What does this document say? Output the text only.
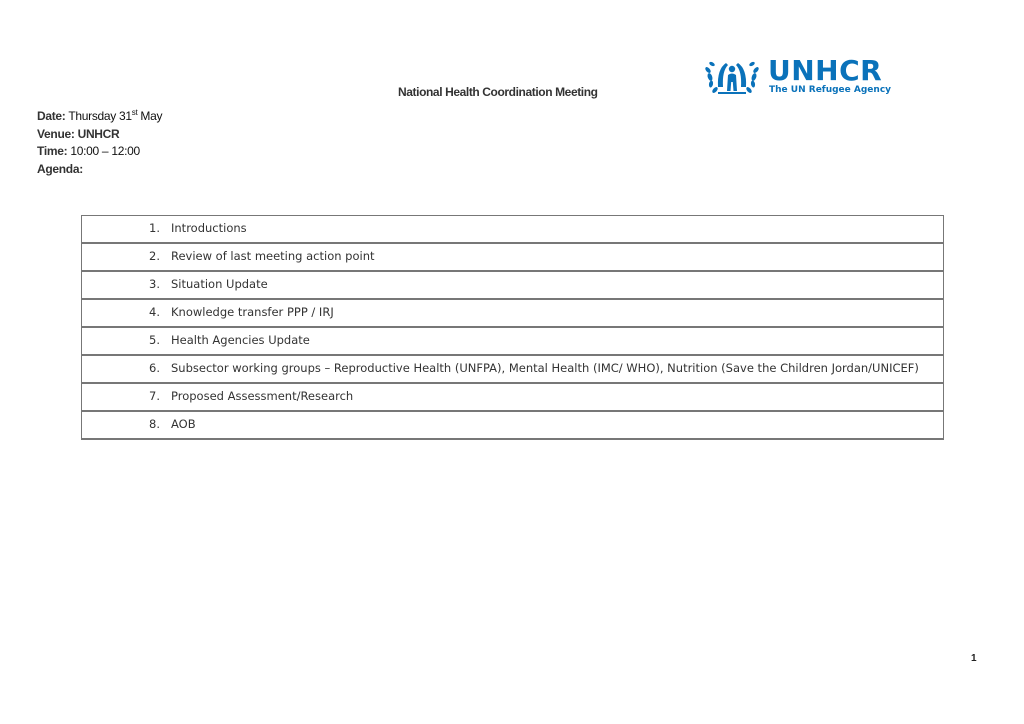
National Health Coordination Meeting
UNHCR
The UN Refugee Agency
Date: Thursday 31st May
Venue: UNHCR
Time: 10:00 – 12:00
Agenda:
1. Introductions

2. Review of last meeting action point

3. Situation Update

4. Knowledge transfer PPP / IRJ

5. Health Agencies Update

6. Subsector working groups – Reproductive Health (UNFPA), Mental Health (IMC/ WHO), Nutrition (Save the Children Jordan/UNICEF)

7. Proposed Assessment/Research

8. AOB
1
